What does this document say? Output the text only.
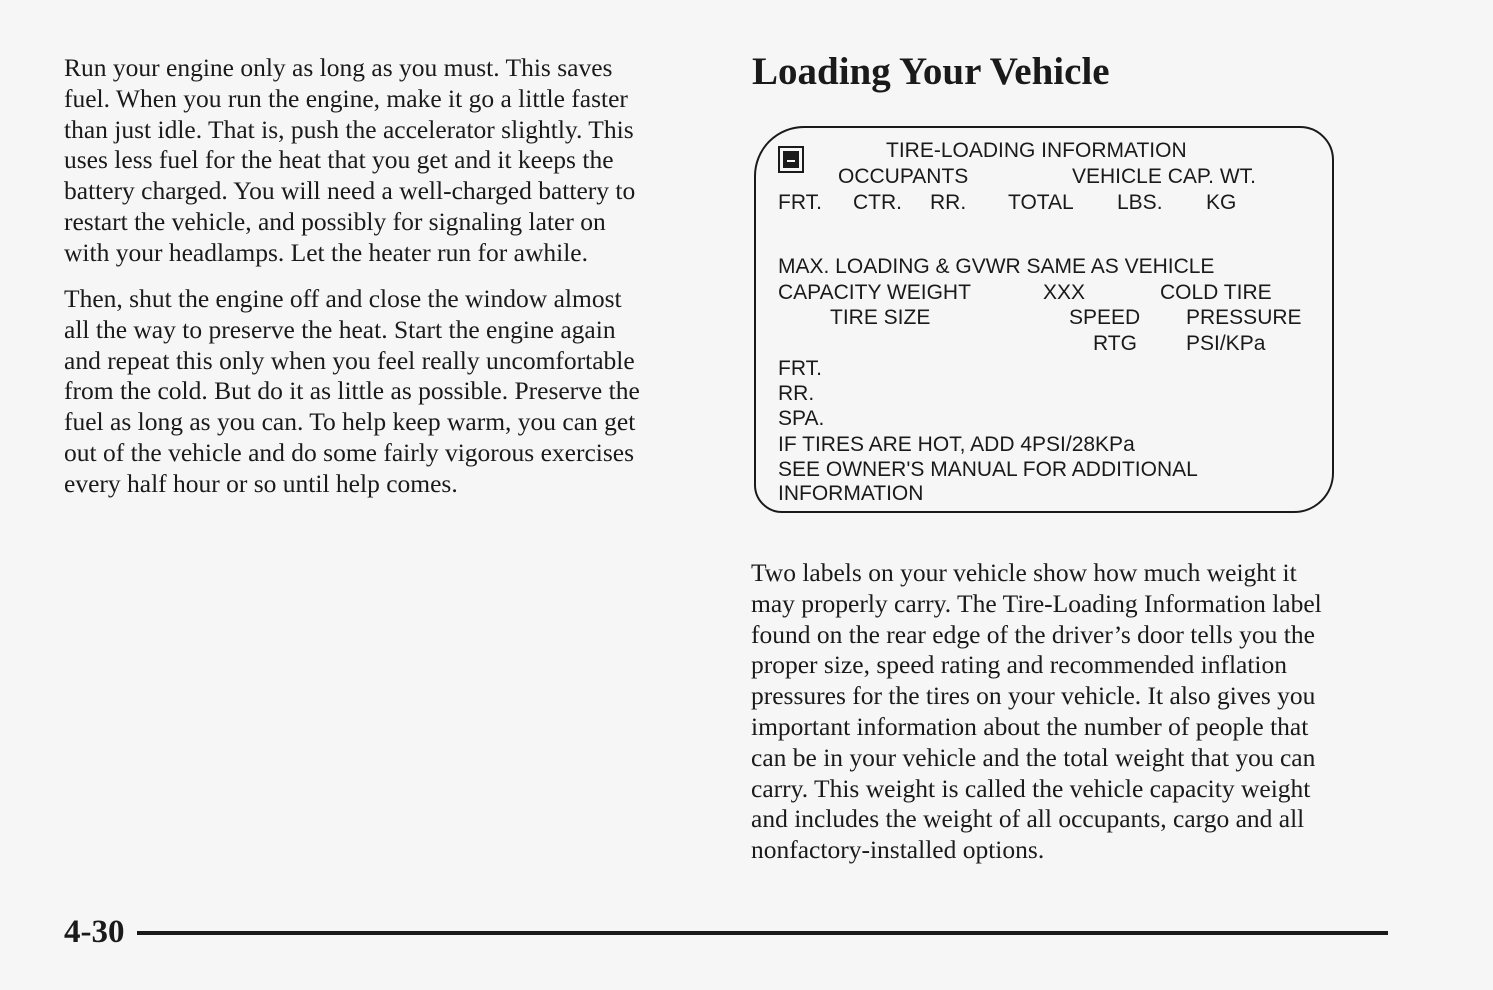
Run your engine only as long as you must. This saves
fuel. When you run the engine, make it go a little faster
than just idle. That is, push the accelerator slightly. This
uses less fuel for the heat that you get and it keeps the
battery charged. You will need a well-charged battery to
restart the vehicle, and possibly for signaling later on
with your headlamps. Let the heater run for awhile.
Then, shut the engine off and close the window almost
all the way to preserve the heat. Start the engine again
and repeat this only when you feel really uncomfortable
from the cold. But do it as little as possible. Preserve the
fuel as long as you can. To help keep warm, you can get
out of the vehicle and do some fairly vigorous exercises
every half hour or so until help comes.
Loading Your Vehicle
TIRE-LOADING INFORMATION
OCCUPANTS	VEHICLE CAP. WT.
FRT. CTR. RR. TOTAL LBS. KG
MAX. LOADING & GVWR SAME AS VEHICLE
CAPACITY WEIGHT	XXX	COLD TIRE
TIRE SIZE	SPEED PRESSURE
RTG PSI/KPa
FRT.
RR.
SPA.
IF TIRES ARE HOT, ADD 4PSI/28KPa
SEE OWNER'S MANUAL FOR ADDITIONAL
INFORMATION
Two labels on your vehicle show how much weight it
may properly carry. The Tire-Loading Information label
found on the rear edge of the driver’s door tells you the
proper size, speed rating and recommended inflation
pressures for the tires on your vehicle. It also gives you
important information about the number of people that
can be in your vehicle and the total weight that you can
carry. This weight is called the vehicle capacity weight
and includes the weight of all occupants, cargo and all
nonfactory-installed options.
4-30
